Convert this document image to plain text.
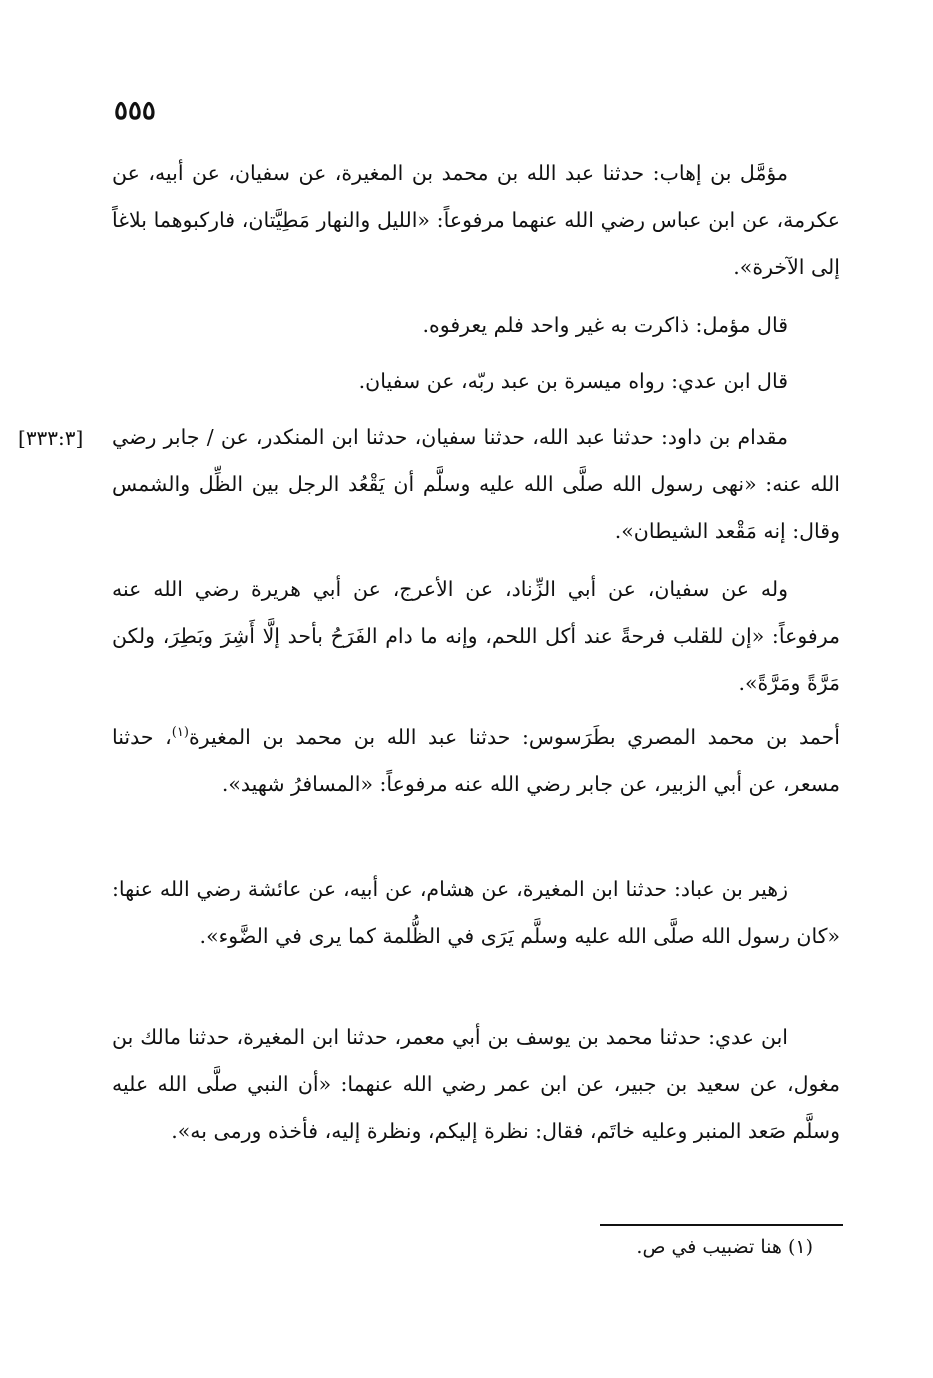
٥٥٥
[٣٣٣:٣]

مؤمَّل بن إهاب: حدثنا عبد الله بن محمد بن المغيرة، عن سفيان، عن أبيه، عن عكرمة، عن ابن عباس رضي الله عنهما مرفوعاً: «الليل والنهار مَطِيَّتان، فاركبوهما بلاغاً إلى الآخرة».

قال مؤمل: ذاكرت به غير واحد فلم يعرفوه.

قال ابن عدي: رواه ميسرة بن عبد ربّه، عن سفيان.

مقدام بن داود: حدثنا عبد الله، حدثنا سفيان، حدثنا ابن المنكدر، عن / جابر رضي الله عنه: «نهى رسول الله صلَّى الله عليه وسلَّم أن يَقْعُد الرجل بين الظِّل والشمس وقال: إنه مَقْعد الشيطان».

وله عن سفيان، عن أبي الزِّناد، عن الأعرج، عن أبي هريرة رضي الله عنه مرفوعاً: «إن للقلب فرحةً عند أكل اللحم، وإنه ما دام الفَرَحُ بأحد إلَّا أَشِرَ وبَطِرَ، ولكن مَرَّةً ومَرَّةً».

أحمد بن محمد المصري بطَرَسوس: حدثنا عبد الله بن محمد بن المغيرة$^{(١)}$، حدثنا مسعر، عن أبي الزبير، عن جابر رضي الله عنه مرفوعاً: «المسافرُ شهيد».

زهير بن عباد: حدثنا ابن المغيرة، عن هشام، عن أبيه، عن عائشة رضي الله عنها: «كان رسول الله صلَّى الله عليه وسلَّم يَرَى في الظُّلمة كما يرى في الضَّوء».

ابن عدي: حدثنا محمد بن يوسف بن أبي معمر، حدثنا ابن المغيرة، حدثنا مالك بن مغول، عن سعيد بن جبير، عن ابن عمر رضي الله عنهما: «أن النبي صلَّى الله عليه وسلَّم صَعد المنبر وعليه خاتَم، فقال: نظرة إليكم، ونظرة إليه، فأخذه ورمى به».

(١) هنا تضبيب في ص.
